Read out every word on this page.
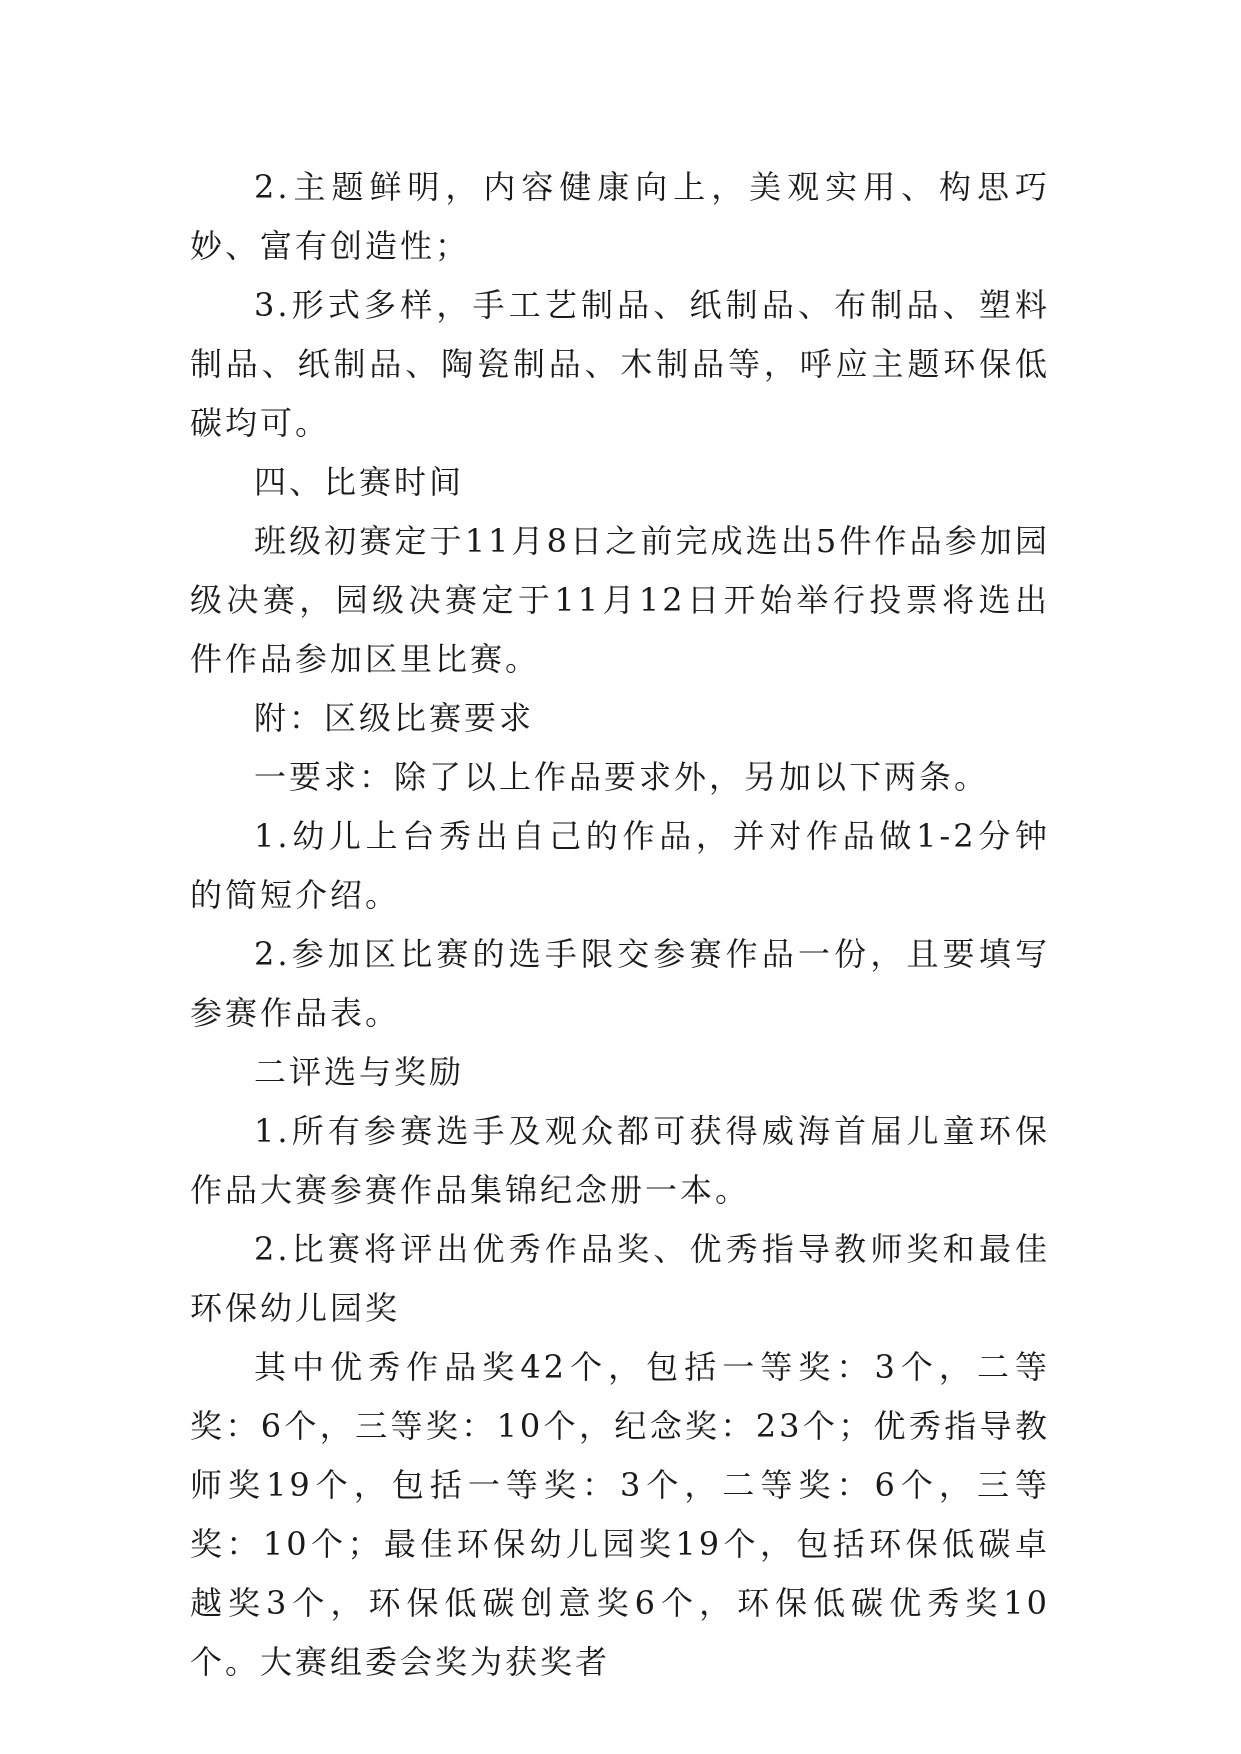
2.主题鲜明，内容健康向上，美观实用、构思巧妙、富有创造性；

3.形式多样，手工艺制品、纸制品、布制品、塑料制品、纸制品、陶瓷制品、木制品等，呼应主题环保低碳均可。

四、比赛时间

班级初赛定于11月8日之前完成选出5件作品参加园级决赛，园级决赛定于11月12日开始举行投票将选出件作品参加区里比赛。

附：区级比赛要求

一要求：除了以上作品要求外，另加以下两条。

1.幼儿上台秀出自己的作品，并对作品做1-2分钟的简短介绍。

2.参加区比赛的选手限交参赛作品一份，且要填写参赛作品表。

二评选与奖励

1.所有参赛选手及观众都可获得威海首届儿童环保作品大赛参赛作品集锦纪念册一本。

2.比赛将评出优秀作品奖、优秀指导教师奖和最佳环保幼儿园奖

其中优秀作品奖42个，包括一等奖：3个，二等奖：6个，三等奖：10个，纪念奖：23个；优秀指导教师奖19个，包括一等奖：3个，二等奖：6个，三等奖：10个；最佳环保幼儿园奖19个，包括环保低碳卓越奖3个，环保低碳创意奖6个，环保低碳优秀奖10个。大赛组委会奖为获奖者
